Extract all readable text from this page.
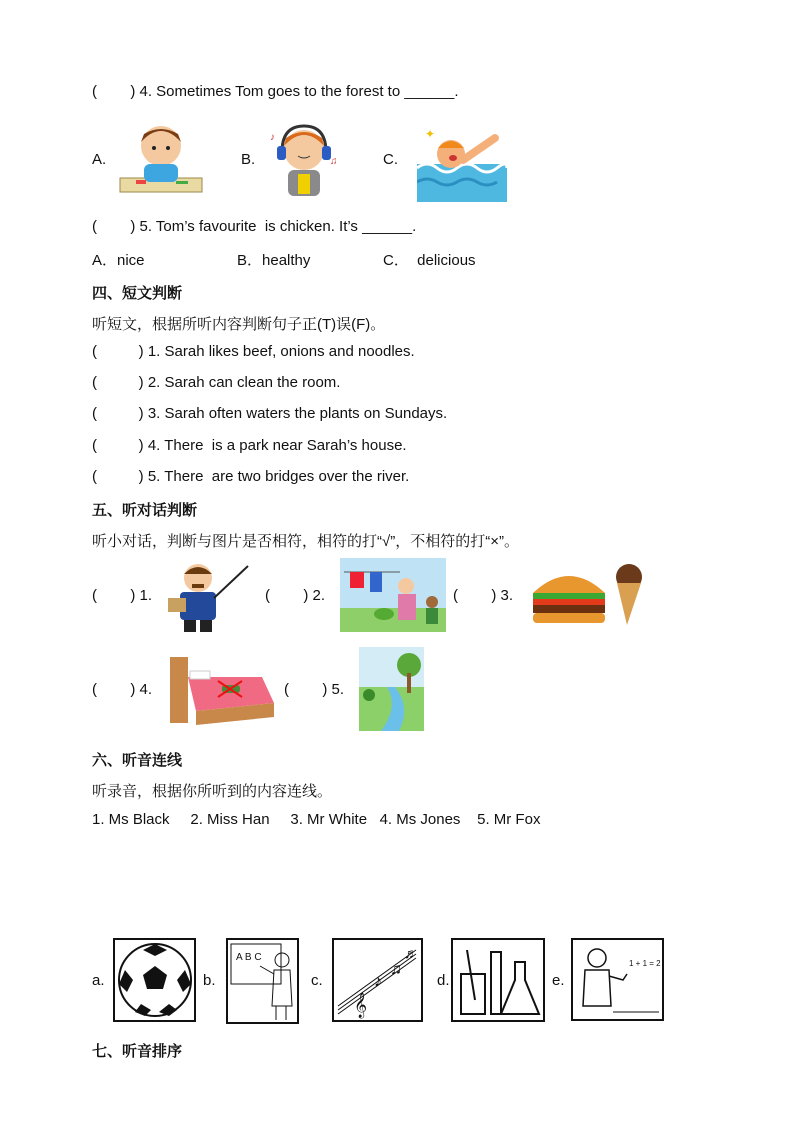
(        ) 4. Sometimes Tom goes to the forest to ______.
A.	B.
♪
♫	C.
✦
(        ) 5. Tom’s favourite  is chicken. It’s ______.
A．nice	B．healthy	C．  delicious
四、短文判断
听短文，根据所听内容判断句子正(T)误(F)。
(          ) 1. Sarah likes beef, onions and noodles.
(          ) 2. Sarah can clean the room.
(          ) 3. Sarah often waters the plants on Sundays.
(          ) 4. There  is a park near Sarah’s house.
(          ) 5. There  are two bridges over the river.
五、听对话判断
听小对话，判断与图片是否相符，相符的打“√”，不相符的打“×”。
(        ) 1.	(        ) 2.	(        ) 3.
(        ) 4.	(        ) 5.
六、听音连线
听录音，根据你所听到的内容连线。
1. Ms Black     2. Miss Han     3. Mr White   4. Ms Jones    5. Mr Fox
a.	b.
A B C
c.
𝄞
♪
♫
♬
d.	e.
1 + 1 = 2
七、听音排序
